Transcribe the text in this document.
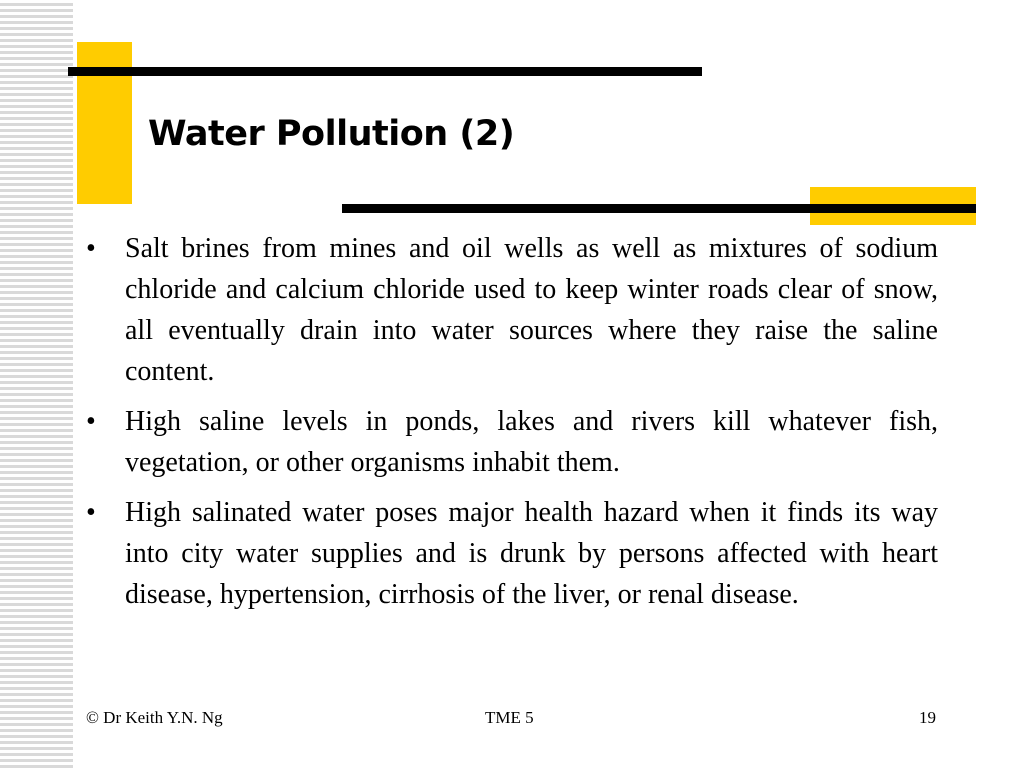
Water Pollution (2)
• Salt brines from mines and oil wells as well as mixtures of sodium chloride and calcium chloride used to keep winter roads clear of snow, all eventually drain into water sources where they raise the saline content.
• High saline levels in ponds, lakes and rivers kill whatever fish, vegetation, or other organisms inhabit them.
• High salinated water poses major health hazard when it finds its way into city water supplies and is drunk by persons affected with heart disease, hypertension, cirrhosis of the liver, or renal disease.
© Dr Keith Y.N. Ng	TME 5	19
